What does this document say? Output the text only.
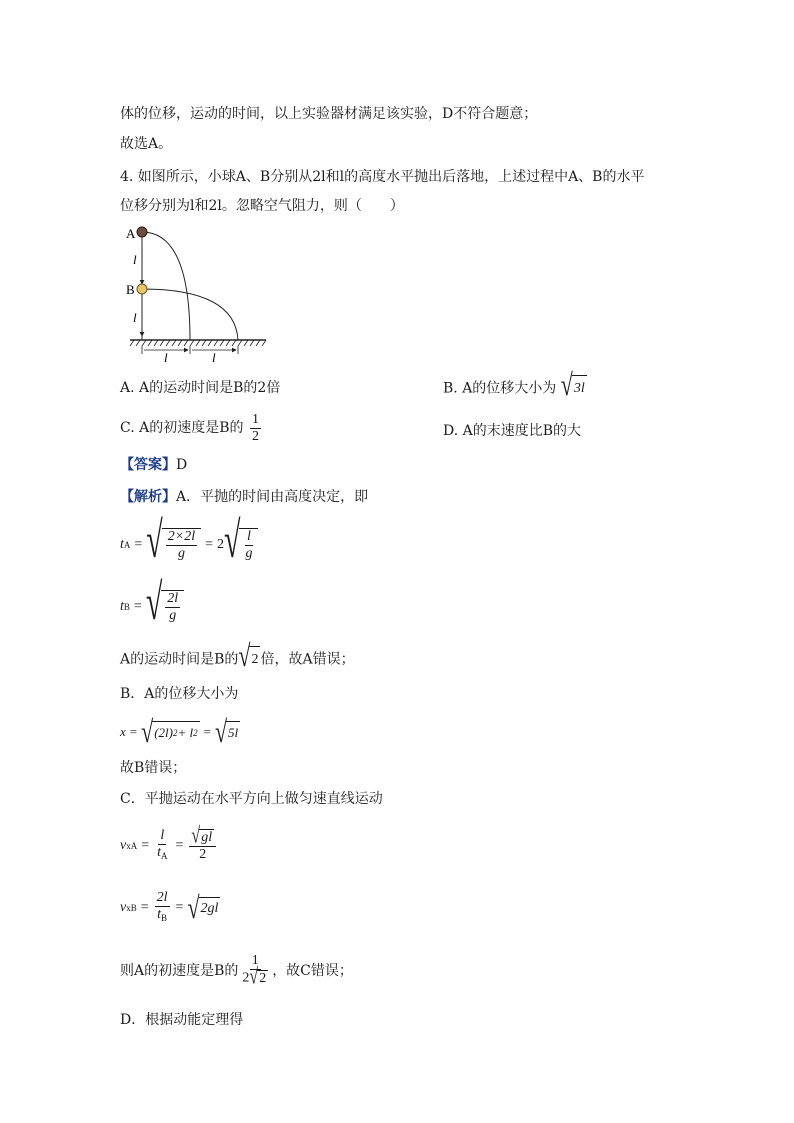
体的位移，运动的时间，以上实验器材满足该实验，D不符合题意；
故选A。
4. 如图所示，小球A、B分别从2l和l的高度水平抛出后落地，上述过程中A、B的水平
位移分别为l和2l。忽略空气阻力，则（　　）
A
B
l
l
l	l
A. A的运动时间是B的2倍	B. A的位移大小为 √ 3l
C. A的初速度是B的 $\frac{1}{2}$	D. A的末速度比B的大
【答案】D
【解析】A．平抛的时间由高度决定，即
t A = √ $\frac{2\times 2l}{g} = 2$ √ $\frac{l}{g}$
t B = √ $\frac{2l}{g}$
A的运动时间是B的 √ 2 倍，故A错误；
B．A的位移大小为
x = √ (2l) 2 + l 2 = √ 5l
故B错误；
C．平抛运动在水平方向上做匀速直线运动
v xA = $\frac{l}{t_A} = \frac{√ gl}{2}$
v xB = $\frac{2l}{t_B}$ = √ 2gl
则A的初速度是B的 $\frac{1}{2 √ 2}$ ，故C错误；
D．根据动能定理得
